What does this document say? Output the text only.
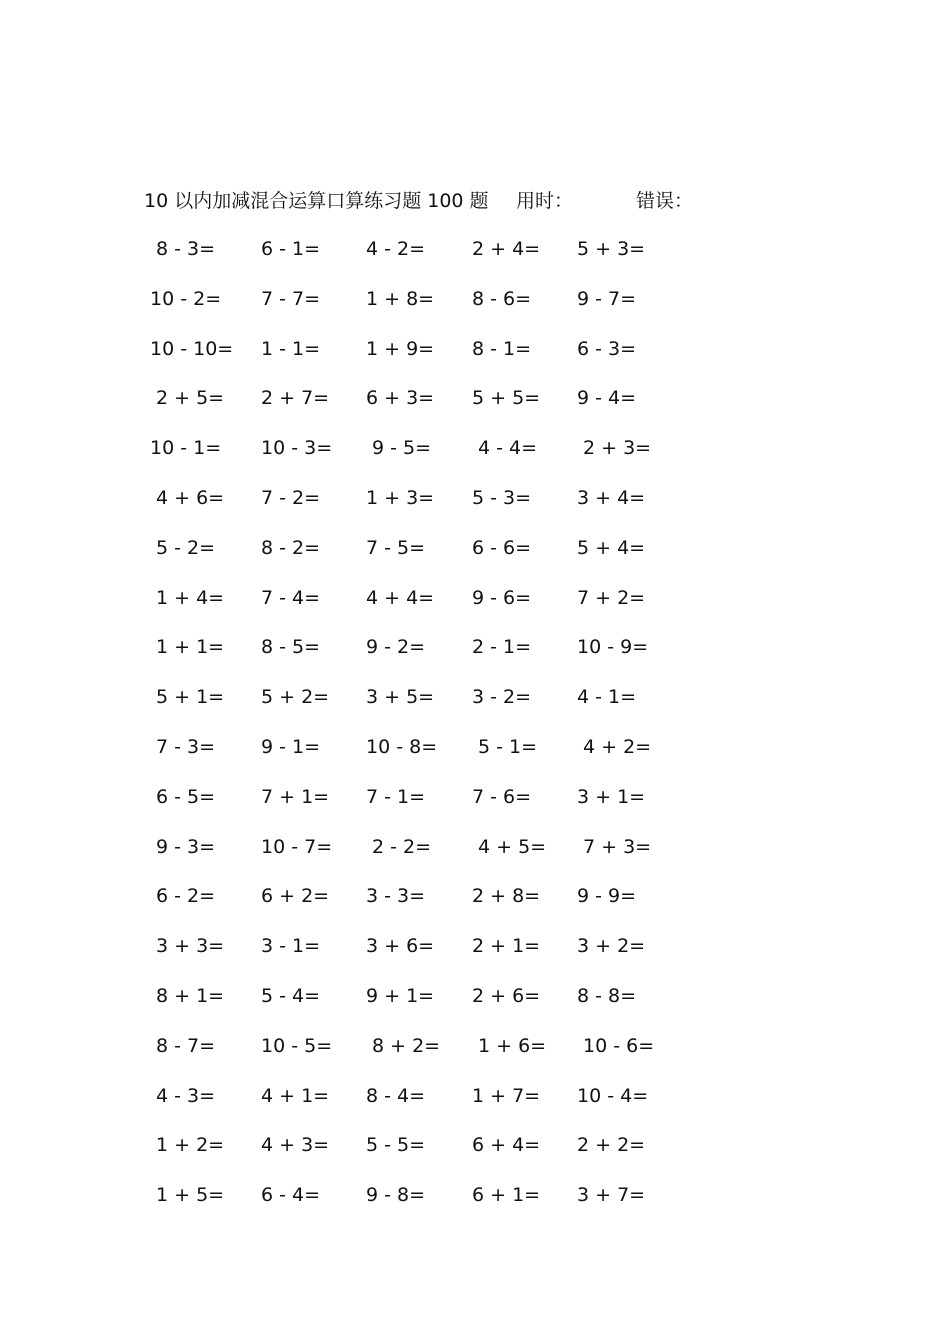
10 以内加减混合运算口算练习题 100 题 用时：	错误：
8 - 3= 6 - 1= 4 - 2= 2 + 4= 5 + 3=
10 - 2= 7 - 7= 1 + 8= 8 - 6= 9 - 7=
10 - 10= 1 - 1= 1 + 9= 8 - 1= 6 - 3=
2 + 5= 2 + 7= 6 + 3= 5 + 5= 9 - 4=
10 - 1= 10 - 3= 9 - 5= 4 - 4= 2 + 3=
4 + 6= 7 - 2= 1 + 3= 5 - 3= 3 + 4=
5 - 2= 8 - 2= 7 - 5= 6 - 6= 5 + 4=
1 + 4= 7 - 4= 4 + 4= 9 - 6= 7 + 2=
1 + 1= 8 - 5= 9 - 2= 2 - 1= 10 - 9=
5 + 1= 5 + 2= 3 + 5= 3 - 2= 4 - 1=
7 - 3= 9 - 1= 10 - 8= 5 - 1= 4 + 2=
6 - 5= 7 + 1= 7 - 1= 7 - 6= 3 + 1=
9 - 3= 10 - 7= 2 - 2= 4 + 5= 7 + 3=
6 - 2= 6 + 2= 3 - 3= 2 + 8= 9 - 9=
3 + 3= 3 - 1= 3 + 6= 2 + 1= 3 + 2=
8 + 1= 5 - 4= 9 + 1= 2 + 6= 8 - 8=
8 - 7= 10 - 5= 8 + 2= 1 + 6= 10 - 6=
4 - 3= 4 + 1= 8 - 4= 1 + 7= 10 - 4=
1 + 2= 4 + 3= 5 - 5= 6 + 4= 2 + 2=
1 + 5= 6 - 4= 9 - 8= 6 + 1= 3 + 7=
